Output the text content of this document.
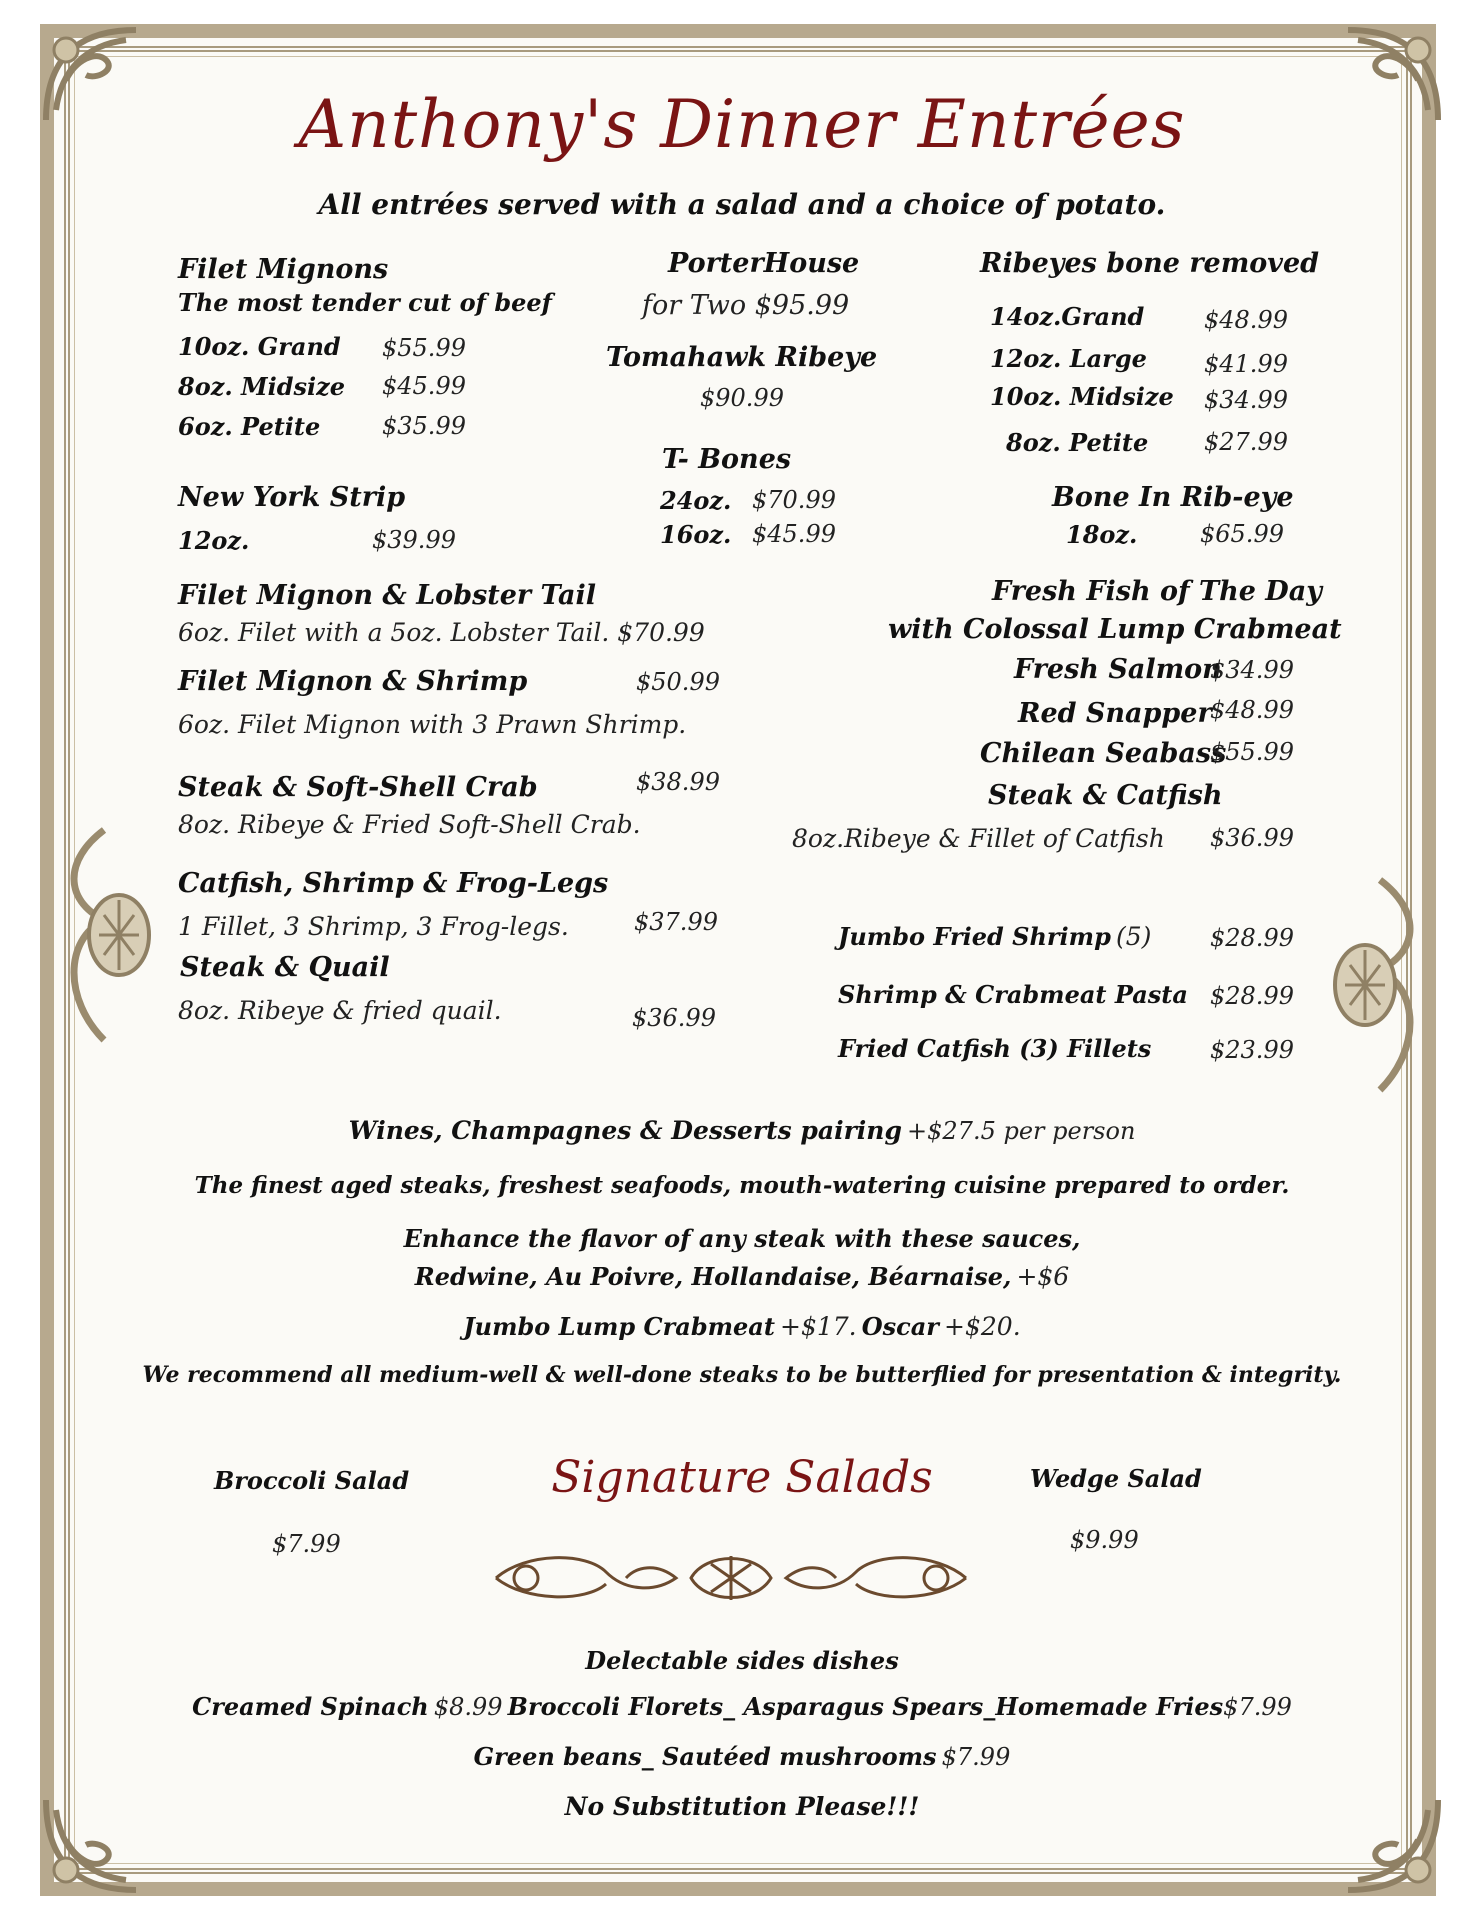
Anthony's Dinner Entrées
All entrées served with a salad and a choice of potato.
Filet Mignons
The most tender cut of beef
10oz. Grand $55.99
8oz. Midsize $45.99
6oz. Petite	$35.99
New York Strip
12oz.	$39.99
PorterHouse
for Two $95.99
Tomahawk Ribeye
$90.99
T- Bones
24oz. $70.99
16oz. $45.99
Ribeyes bone removed
14oz.Grand $48.99
12oz. Large $41.99
10oz. Midsize $34.99
8oz. Petite $27.99
Bone In Rib-eye
18oz.	$65.99
Filet Mignon & Lobster Tail
6oz. Filet with a 5oz. Lobster Tail. $70.99
Filet Mignon & Shrimp	$50.99
6oz. Filet Mignon with 3 Prawn Shrimp.
Steak & Soft-Shell Crab	$38.99
8oz. Ribeye & Fried Soft-Shell Crab.
Catfish, Shrimp & Frog-Legs
1 Fillet, 3 Shrimp, 3 Frog-legs.	$37.99
Steak & Quail
8oz. Ribeye & fried quail.	$36.99
Fresh Fish of The Day
with Colossal Lump Crabmeat
Fresh Salmon
$34.99
Red Snapper
$48.99
Chilean Seabass
$55.99
Steak & Catfish
8oz.Ribeye & Fillet of Catfish $36.99
Jumbo Fried Shrimp (5) $28.99
Shrimp & Crabmeat Pasta $28.99
Fried Catfish (3) Fillets $23.99
Wines, Champagnes & Desserts pairing +$27.5 per person
The finest aged steaks, freshest seafoods, mouth-watering cuisine prepared to order.
Enhance the flavor of any steak with these sauces,
Redwine, Au Poivre, Hollandaise, Béarnaise, +$6
Jumbo Lump Crabmeat +$17. Oscar +$20.
We recommend all medium-well & well-done steaks to be butterflied for presentation & integrity.
Broccoli Salad
$7.99
Signature Salads	Wedge Salad
$9.99
Delectable sides dishes
Creamed Spinach $8.99 Broccoli Florets_ Asparagus Spears_Homemade Fries$7.99
Green beans_ Sautéed mushrooms $7.99
No Substitution Please!!!
